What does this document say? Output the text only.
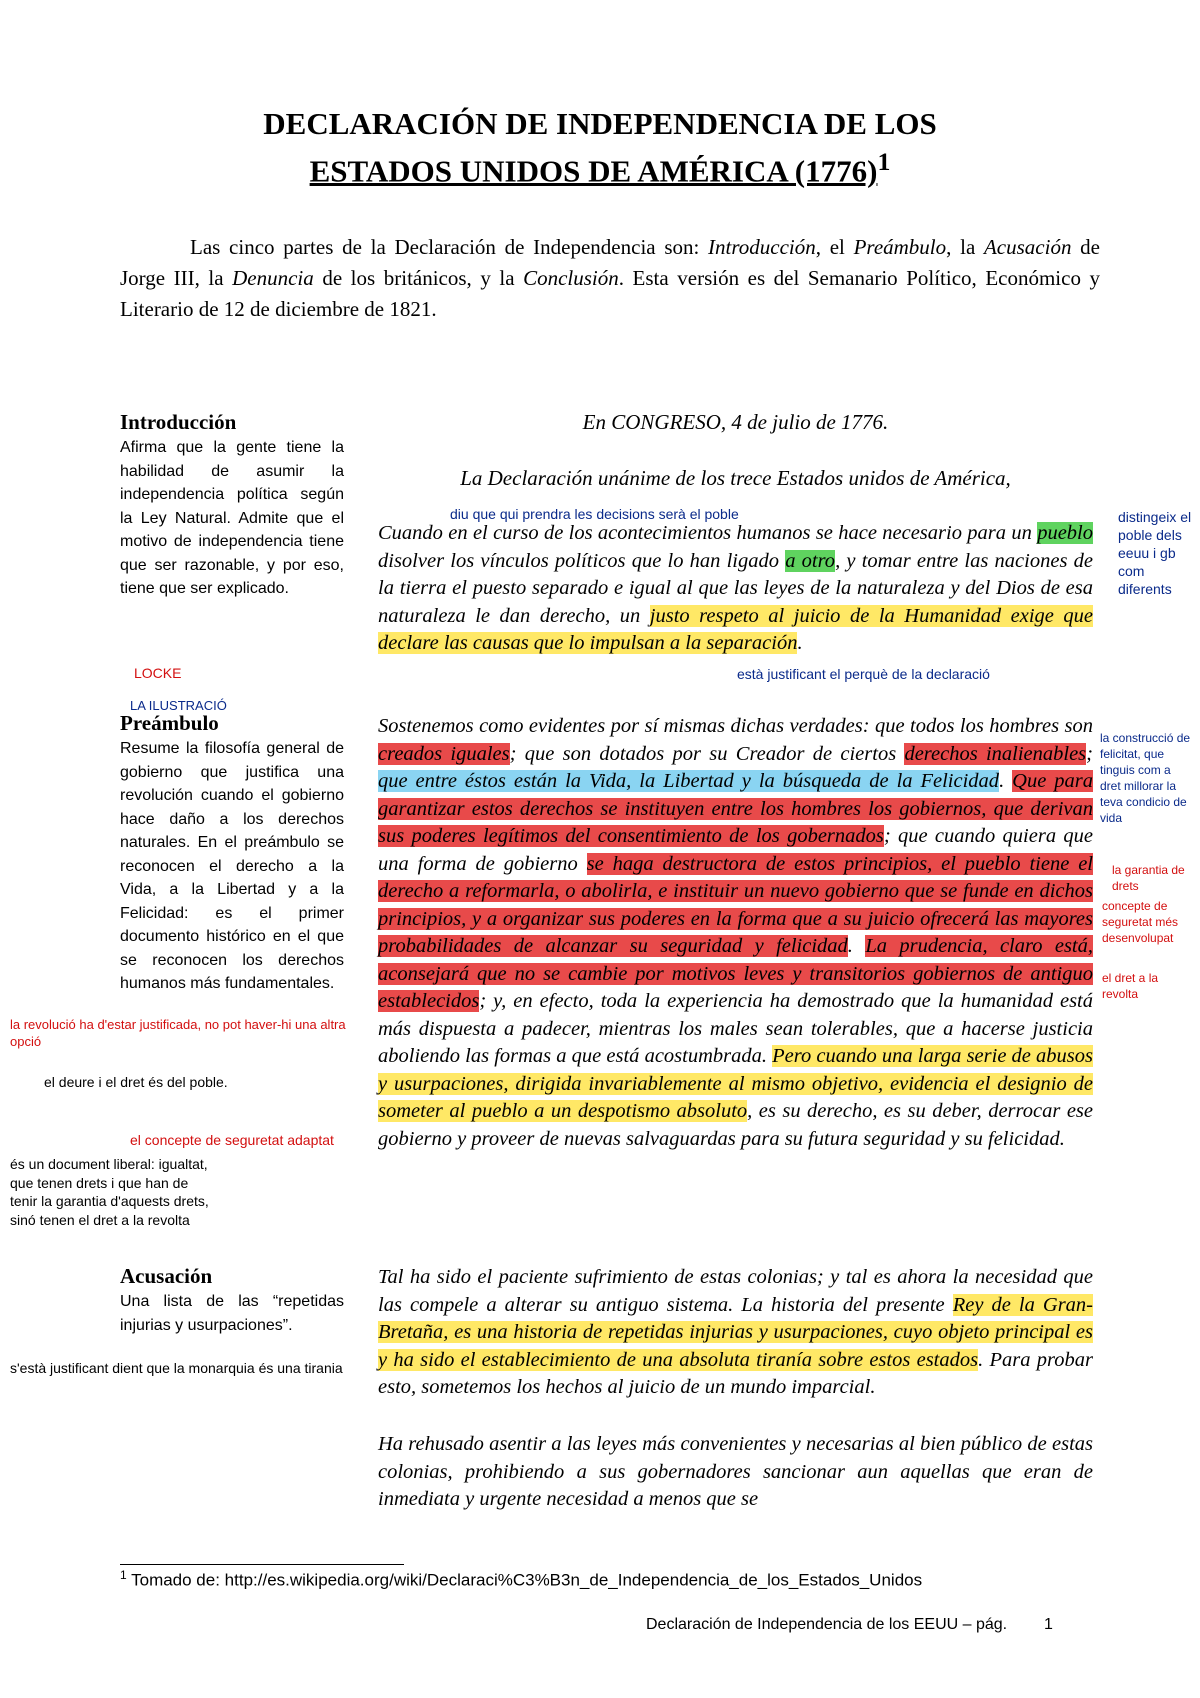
DECLARACIÓN DE INDEPENDENCIA DE LOS
ESTADOS UNIDOS DE AMÉRICA $(1776)^1$
Las cinco partes de la Declaración de Independencia son: Introducción, el Preámbulo, la Acusación de Jorge III, la Denuncia de los británicos, y la Conclusión. Esta versión es del Semanario Político, Económico y Literario de 12 de diciembre de 1821.
Introducción
Afirma que la gente tiene la habilidad de asumir la independencia política según la Ley Natural. Admite que el motivo de independencia tiene que ser razonable, y por eso, tiene que ser explicado.
Preámbulo
Resume la filosofía general de gobierno que justifica una revolución cuando el gobierno hace daño a los derechos naturales. En el preámbulo se reconocen el derecho a la Vida, a la Libertad y a la Felicidad: es el primer documento histórico en el que se reconocen los derechos humanos más fundamentales.
Acusación
Una lista de las “repetidas injurias y usurpaciones”.
En CONGRESO, 4 de julio de 1776.
La Declaración unánime de los trece Estados unidos de América,
Cuando en el curso de los acontecimientos humanos se hace necesario para un pueblo disolver los vínculos políticos que lo han ligado a otro, y tomar entre las naciones de la tierra el puesto separado e igual al que las leyes de la naturaleza y del Dios de esa naturaleza le dan derecho, un justo respeto al juicio de la Humanidad exige que declare las causas que lo impulsan a la separación.
Sostenemos como evidentes por sí mismas dichas verdades: que todos los hombres son creados iguales; que son dotados por su Creador de ciertos derechos inalienables; que entre éstos están la Vida, la Libertad y la búsqueda de la Felicidad. Que para garantizar estos derechos se instituyen entre los hombres los gobiernos, que derivan sus poderes legítimos del consentimiento de los gobernados; que cuando quiera que una forma de gobierno se haga destructora de estos principios, el pueblo tiene el derecho a reformarla, o abolirla, e instituir un nuevo gobierno que se funde en dichos principios, y a organizar sus poderes en la forma que a su juicio ofrecerá las mayores probabilidades de alcanzar su seguridad y felicidad. La prudencia, claro está, aconsejará que no se cambie por motivos leves y transitorios gobiernos de antiguo establecidos; y, en efecto, toda la experiencia ha demostrado que la humanidad está más dispuesta a padecer, mientras los males sean tolerables, que a hacerse justicia aboliendo las formas a que está acostumbrada. Pero cuando una larga serie de abusos y usurpaciones, dirigida invariablemente al mismo objetivo, evidencia el designio de someter al pueblo a un despotismo absoluto, es su derecho, es su deber, derrocar ese gobierno y proveer de nuevas salvaguardas para su futura seguridad y su felicidad.
Tal ha sido el paciente sufrimiento de estas colonias; y tal es ahora la necesidad que las compele a alterar su antiguo sistema. La historia del presente Rey de la Gran-Bretaña, es una historia de repetidas injurias y usurpaciones, cuyo objeto principal es y ha sido el establecimiento de una absoluta tiranía sobre estos estados. Para probar esto, sometemos los hechos al juicio de un mundo imparcial.
Ha rehusado asentir a las leyes más convenientes y necesarias al bien público de estas colonias, prohibiendo a sus gobernadores sancionar aun aquellas que eran de inmediata y urgente necesidad a menos que se
diu que qui prendra les decisions serà el poble	distingeix el poble dels eeuu i gb com diferents
està justificant el perquè de la declaració
LOCKE
LA ILUSTRACIÓ
la construcció de felicitat, que tinguis com a dret millorar la teva condicio de vida
la garantia de drets
concepte de seguretat més desenvolupat
el dret a la revolta
la revolució ha d'estar justificada, no pot haver-hi una altra opció
el deure i el dret és del poble.
el concepte de seguretat adaptat
és un document liberal: igualtat, que tenen drets i que han de tenir la garantia d'aquests drets, sinó tenen el dret a la revolta
s'està justificant dient que la monarquia és una tirania
$^1$ Tomado de: http://es.wikipedia.org/wiki/Declaraci%C3%B3n_de_Independencia_de_los_Estados_Unidos
Declaración de Independencia de los EEUU – pág. 1
